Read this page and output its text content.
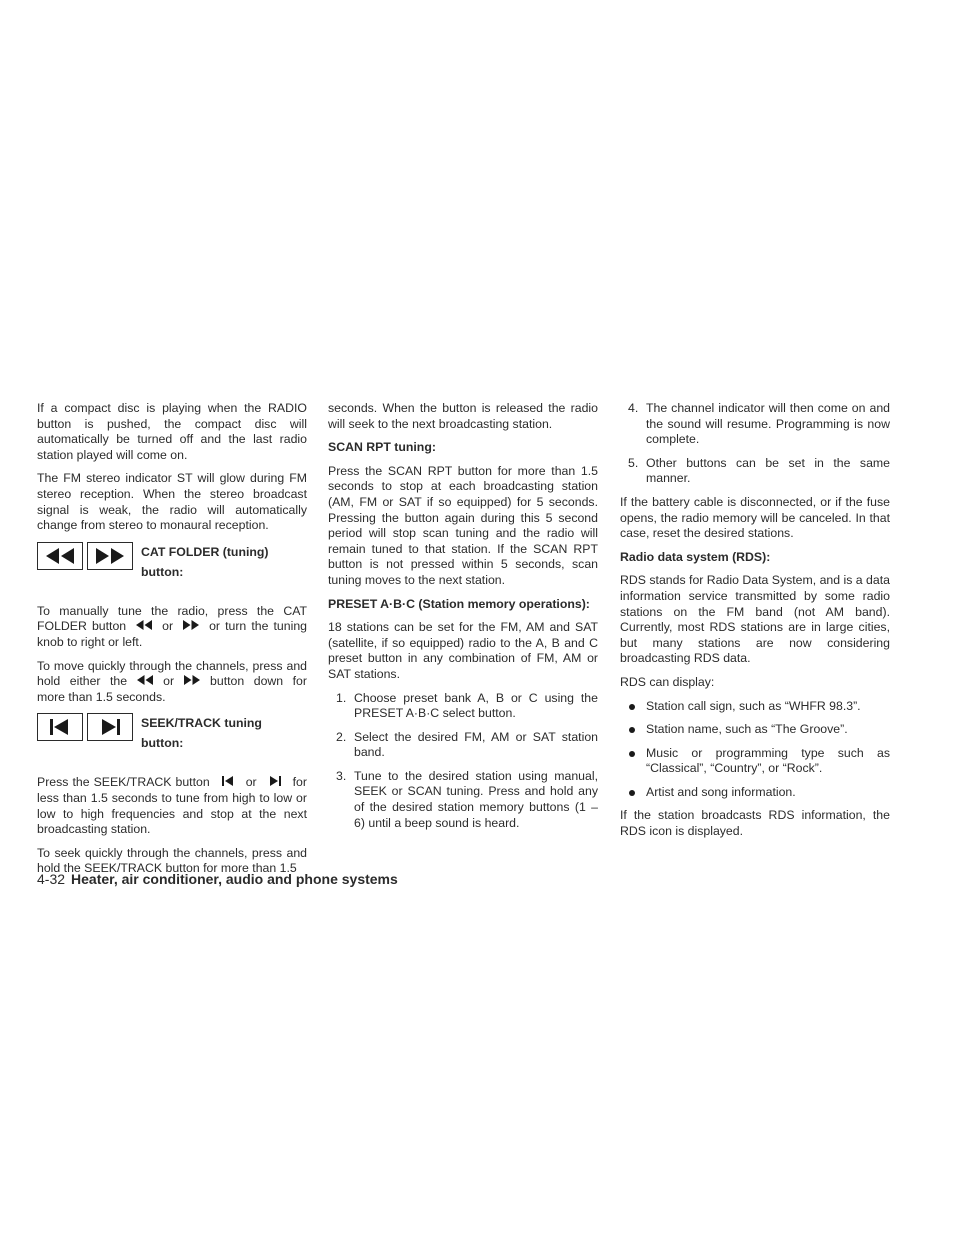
If a compact disc is playing when the RADIO button is pushed, the compact disc will automatically be turned off and the last radio station played will come on.

The FM stereo indicator ST will glow during FM stereo reception. When the stereo broadcast signal is weak, the radio will automatically change from stereo to monaural reception.

CAT FOLDER (tuning)
button:

To manually tune the radio, press the CAT FOLDER button	or	or turn the tuning knob to right or left.

To move quickly through the channels, press and hold either the	or	button down for more than 1.5 seconds.

SEEK/TRACK tuning
button:

Press the SEEK/TRACK button	or	for less than 1.5 seconds to tune from high to low or low to high frequencies and stop at the next broadcasting station.

To seek quickly through the channels, press and hold the SEEK/TRACK button for more than 1.5

seconds. When the button is released the radio will seek to the next broadcasting station.

SCAN RPT tuning:

Press the SCAN RPT button for more than 1.5 seconds to stop at each broadcasting station (AM, FM or SAT if so equipped) for 5 seconds. Pressing the button again during this 5 second period will stop scan tuning and the radio will remain tuned to that station. If the SCAN RPT button is not pressed within 5 seconds, scan tuning moves to the next station.

PRESET A·B·C (Station memory operations):

18 stations can be set for the FM, AM and SAT (satellite, if so equipped) radio to the A, B and C preset button in any combination of FM, AM or SAT stations.

1. Choose preset bank A, B or C using the PRESET A·B·C select button.
2. Select the desired FM, AM or SAT station band.
3. Tune to the desired station using manual, SEEK or SCAN tuning. Press and hold any of the desired station memory buttons (1 – 6) until a beep sound is heard.
4. The channel indicator will then come on and the sound will resume. Programming is now complete.
5. Other buttons can be set in the same manner.

If the battery cable is disconnected, or if the fuse opens, the radio memory will be canceled. In that case, reset the desired stations.

Radio data system (RDS):

RDS stands for Radio Data System, and is a data information service transmitted by some radio stations on the FM band (not AM band). Currently, most RDS stations are in large cities, but many stations are now considering broadcasting RDS data.

RDS can display:

Station call sign, such as “WHFR 98.3”.
Station name, such as “The Groove”.
Music or programming type such as “Classical”, “Country”, or “Rock”.
Artist and song information.

If the station broadcasts RDS information, the RDS icon is displayed.

4-32 Heater, air conditioner, audio and phone systems
